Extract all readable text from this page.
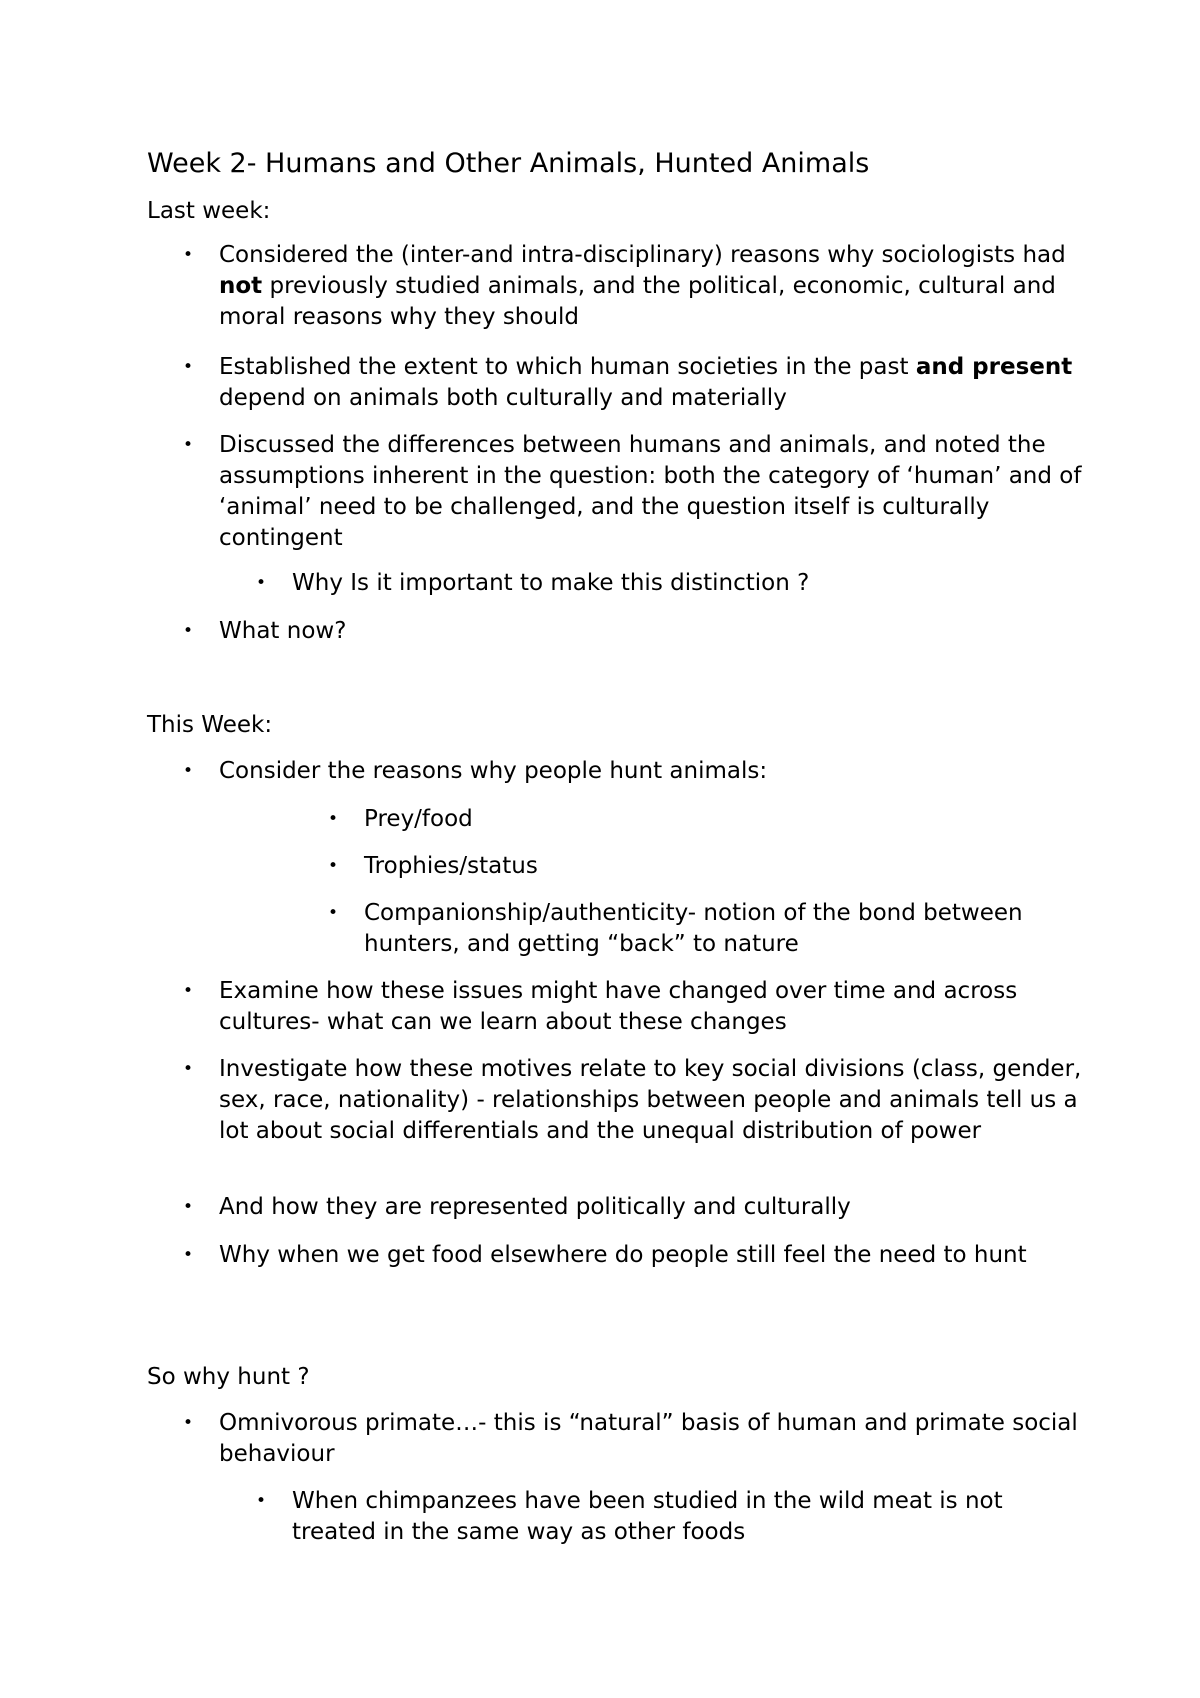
Week 2- Humans and Other Animals, Hunted Animals

Last week:

• Considered the (inter-and intra-disciplinary) reasons why sociologists had not previously studied animals, and the political, economic, cultural and moral reasons why they should

• Established the extent to which human societies in the past and present depend on animals both culturally and materially

• Discussed the differences between humans and animals, and noted the assumptions inherent in the question: both the category of ‘human’ and of ‘animal’ need to be challenged, and the question itself is culturally contingent

• Why Is it important to make this distinction ?

• What now?

This Week:

• Consider the reasons why people hunt animals:

• Prey/food

• Trophies/status

• Companionship/authenticity- notion of the bond between hunters, and getting “back” to nature

• Examine how these issues might have changed over time and across cultures- what can we learn about these changes

• Investigate how these motives relate to key social divisions (class, gender, sex, race, nationality) - relationships between people and animals tell us a lot about social differentials and the unequal distribution of power

• And how they are represented politically and culturally

• Why when we get food elsewhere do people still feel the need to hunt

So why hunt ?

• Omnivorous primate…- this is “natural” basis of human and primate social behaviour

• When chimpanzees have been studied in the wild meat is not treated in the same way as other foods
